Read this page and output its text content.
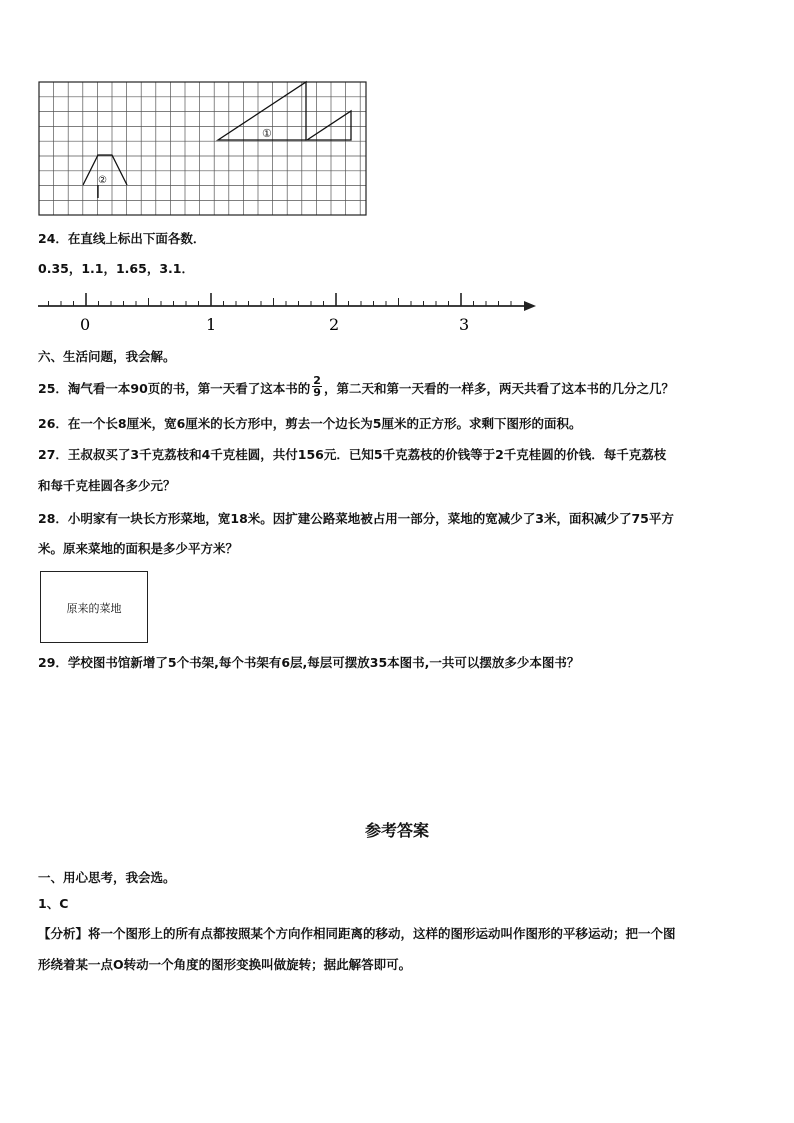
①
②
24．在直线上标出下面各数．
0.35，1.1，1.65，3.1．
0	1	2	3
六、生活问题，我会解。
25．淘气看一本90页的书，第一天看了这本书的 $\frac{2}{9}$ ，第二天和第一天看的一样多，两天共看了这本书的几分之几？
26．在一个长8厘米，宽6厘米的长方形中，剪去一个边长为5厘米的正方形。求剩下图形的面积。
27．王叔叔买了3千克荔枝和4千克桂圆，共付156元．已知5千克荔枝的价钱等于2千克桂圆的价钱．每千克荔枝
和每千克桂圆各多少元？
28．小明家有一块长方形菜地，宽18米。因扩建公路菜地被占用一部分，菜地的宽减少了3米，面积减少了75平方
米。原来菜地的面积是多少平方米？
原来的菜地
29．学校图书馆新增了5个书架,每个书架有6层,每层可摆放35本图书,一共可以摆放多少本图书？
参考答案
一、用心思考，我会选。
1、C
【分析】将一个图形上的所有点都按照某个方向作相同距离的移动，这样的图形运动叫作图形的平移运动；把一个图
形绕着某一点O转动一个角度的图形变换叫做旋转；据此解答即可。
